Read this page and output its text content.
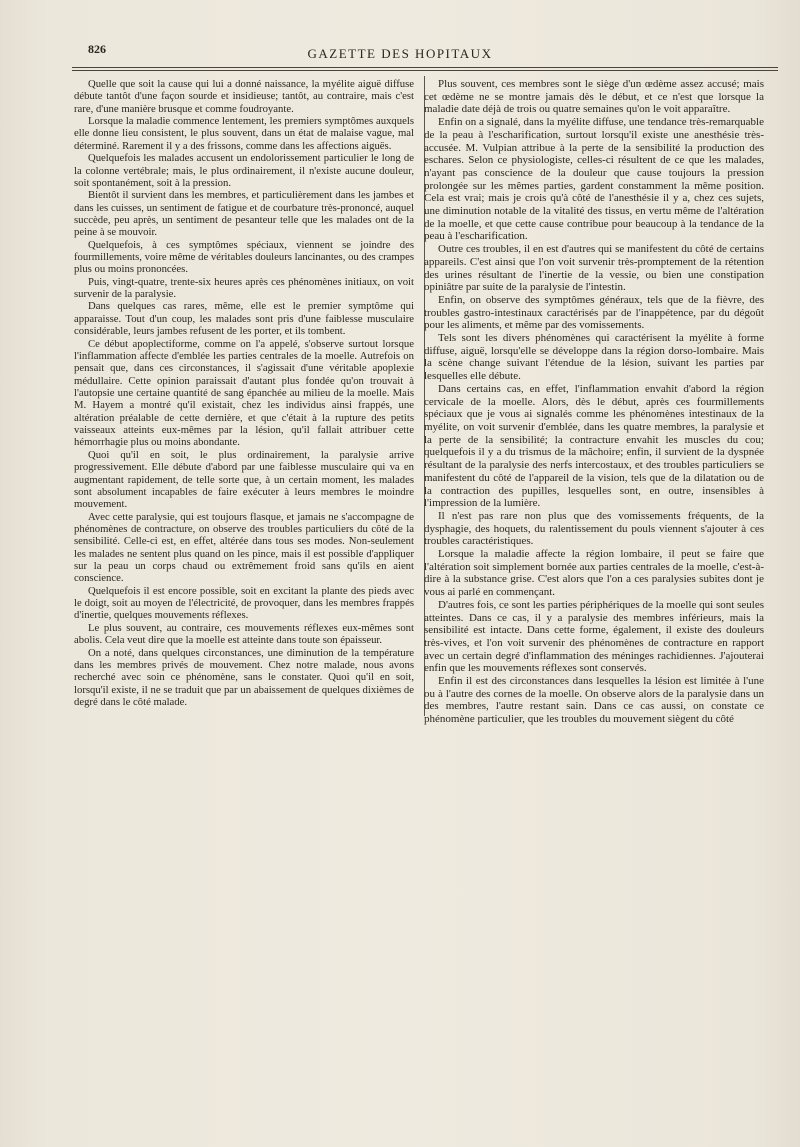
826	GAZETTE DES HOPITAUX

Quelle que soit la cause qui lui a donné naissance, la myélite aiguë diffuse débute tantôt d'une façon sourde et insidieuse; tantôt, au contraire, mais c'est rare, d'une manière brusque et comme foudroyante.

Lorsque la maladie commence lentement, les premiers symptômes auxquels elle donne lieu consistent, le plus souvent, dans un état de malaise vague, mal déterminé. Rarement il y a des frissons, comme dans les affections aiguës.

Quelquefois les malades accusent un endolorissement particulier le long de la colonne vertébrale; mais, le plus ordinairement, il n'existe aucune douleur, soit spontanément, soit à la pression.

Bientôt il survient dans les membres, et particulièrement dans les jambes et dans les cuisses, un sentiment de fatigue et de courbature très-prononcé, auquel succède, peu après, un sentiment de pesanteur telle que les malades ont de la peine à se mouvoir.

Quelquefois, à ces symptômes spéciaux, viennent se joindre des fourmillements, voire même de véritables douleurs lancinantes, ou des crampes plus ou moins prononcées.

Puis, vingt-quatre, trente-six heures après ces phénomènes initiaux, on voit survenir de la paralysie.

Dans quelques cas rares, même, elle est le premier symptôme qui apparaisse. Tout d'un coup, les malades sont pris d'une faiblesse musculaire considérable, leurs jambes refusent de les porter, et ils tombent.

Ce début apoplectiforme, comme on l'a appelé, s'observe surtout lorsque l'inflammation affecte d'emblée les parties centrales de la moelle. Autrefois on pensait que, dans ces circonstances, il s'agissait d'une véritable apoplexie médullaire. Cette opinion paraissait d'autant plus fondée qu'on trouvait à l'autopsie une certaine quantité de sang épanchée au milieu de la moelle. Mais M. Hayem a montré qu'il existait, chez les individus ainsi frappés, une altération préalable de cette dernière, et que c'était à la rupture des petits vaisseaux atteints eux-mêmes par la lésion, qu'il fallait attribuer cette hémorrhagie plus ou moins abondante.

Quoi qu'il en soit, le plus ordinairement, la paralysie arrive progressivement. Elle débute d'abord par une faiblesse musculaire qui va en augmentant rapidement, de telle sorte que, à un certain moment, les malades sont absolument incapables de faire exécuter à leurs membres le moindre mouvement.

Avec cette paralysie, qui est toujours flasque, et jamais ne s'accompagne de phénomènes de contracture, on observe des troubles particuliers du côté de la sensibilité. Celle-ci est, en effet, altérée dans tous ses modes. Non-seulement les malades ne sentent plus quand on les pince, mais il est possible d'appliquer sur la peau un corps chaud ou extrêmement froid sans qu'ils en aient conscience.

Quelquefois il est encore possible, soit en excitant la plante des pieds avec le doigt, soit au moyen de l'électricité, de provoquer, dans les membres frappés d'inertie, quelques mouvements réflexes.

Le plus souvent, au contraire, ces mouvements réflexes eux-mêmes sont abolis. Cela veut dire que la moelle est atteinte dans toute son épaisseur.

On a noté, dans quelques circonstances, une diminution de la température dans les membres privés de mouvement. Chez notre malade, nous avons recherché avec soin ce phénomène, sans le constater. Quoi qu'il en soit, lorsqu'il existe, il ne se traduit que par un abaissement de quelques dixièmes de degré dans le côté malade.

Plus souvent, ces membres sont le siège d'un œdème assez accusé; mais cet œdème ne se montre jamais dès le début, et ce n'est que lorsque la maladie date déjà de trois ou quatre semaines qu'on le voit apparaître.

Enfin on a signalé, dans la myélite diffuse, une tendance très-remarquable de la peau à l'escharification, surtout lorsqu'il existe une anesthésie très-accusée. M. Vulpian attribue à la perte de la sensibilité la production des eschares. Selon ce physiologiste, celles-ci résultent de ce que les malades, n'ayant pas conscience de la douleur que cause toujours la pression prolongée sur les mêmes parties, gardent constamment la même position. Cela est vrai; mais je crois qu'à côté de l'anesthésie il y a, chez ces sujets, une diminution notable de la vitalité des tissus, en vertu même de l'altération de la moelle, et que cette cause contribue pour beaucoup à la tendance de la peau à l'escharification.

Outre ces troubles, il en est d'autres qui se manifestent du côté de certains appareils. C'est ainsi que l'on voit survenir très-promptement de la rétention des urines résultant de l'inertie de la vessie, ou bien une constipation opiniâtre par suite de la paralysie de l'intestin.

Enfin, on observe des symptômes généraux, tels que de la fièvre, des troubles gastro-intestinaux caractérisés par de l'inappétence, par du dégoût pour les aliments, et même par des vomissements.

Tels sont les divers phénomènes qui caractérisent la myélite à forme diffuse, aiguë, lorsqu'elle se développe dans la région dorso-lombaire. Mais la scène change suivant l'étendue de la lésion, suivant les parties par lesquelles elle débute.

Dans certains cas, en effet, l'inflammation envahit d'abord la région cervicale de la moelle. Alors, dès le début, après ces fourmillements spéciaux que je vous ai signalés comme les phénomènes intestinaux de la myélite, on voit survenir d'emblée, dans les quatre membres, la paralysie et la perte de la sensibilité; la contracture envahit les muscles du cou; quelquefois il y a du trismus de la mâchoire; enfin, il survient de la dyspnée résultant de la paralysie des nerfs intercostaux, et des troubles particuliers se manifestent du côté de l'appareil de la vision, tels que de la dilatation ou de la contraction des pupilles, lesquelles sont, en outre, insensibles à l'impression de la lumière.

Il n'est pas rare non plus que des vomissements fréquents, de la dysphagie, des hoquets, du ralentissement du pouls viennent s'ajouter à ces troubles caractéristiques.

Lorsque la maladie affecte la région lombaire, il peut se faire que l'altération soit simplement bornée aux parties centrales de la moelle, c'est-à-dire à la substance grise. C'est alors que l'on a ces paralysies subites dont je vous ai parlé en commençant.

D'autres fois, ce sont les parties périphériques de la moelle qui sont seules atteintes. Dans ce cas, il y a paralysie des membres inférieurs, mais la sensibilité est intacte. Dans cette forme, également, il existe des douleurs très-vives, et l'on voit survenir des phénomènes de contracture en rapport avec un certain degré d'inflammation des méninges rachidiennes. J'ajouterai enfin que les mouvements réflexes sont conservés.

Enfin il est des circonstances dans lesquelles la lésion est limitée à l'une ou à l'autre des cornes de la moelle. On observe alors de la paralysie dans un des membres, l'autre restant sain. Dans ce cas aussi, on constate ce phénomène particulier, que les troubles du mouvement siègent du côté
